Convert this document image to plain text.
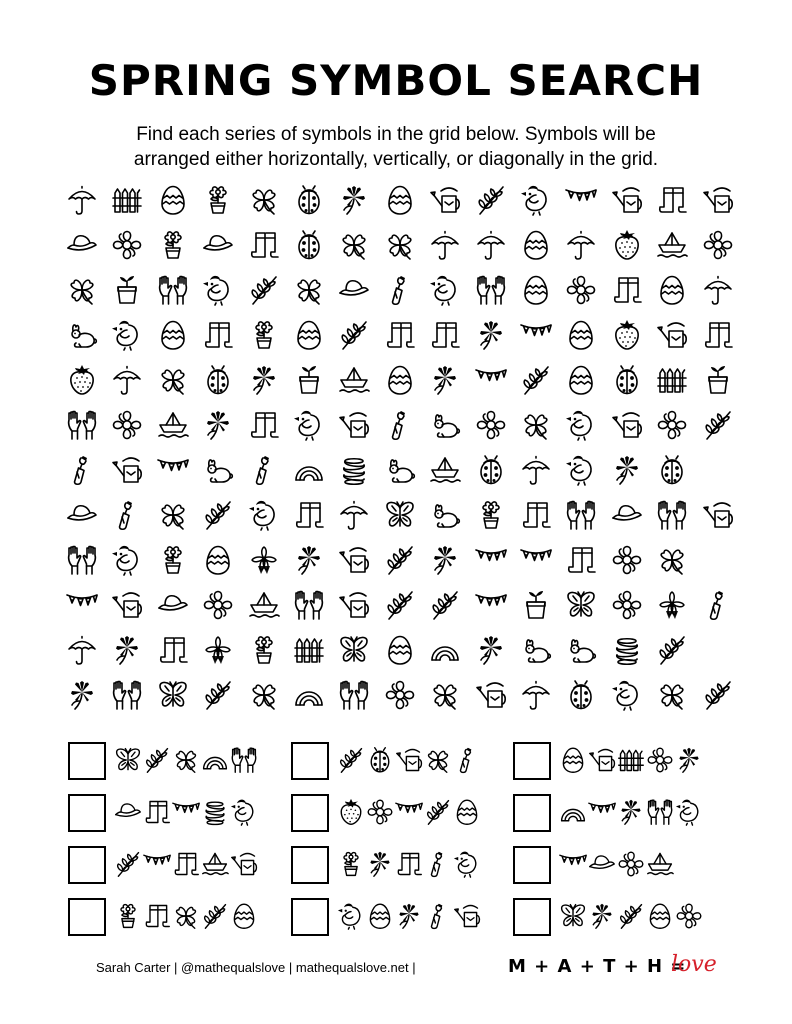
SPRING SYMBOL SEARCH
Find each series of symbols in the grid below. Symbols will be
arranged either horizontally, vertically, or diagonally in the grid.
Sarah Carter | @mathequalslove | mathequalslove.net |	M + A + T + H =
love
